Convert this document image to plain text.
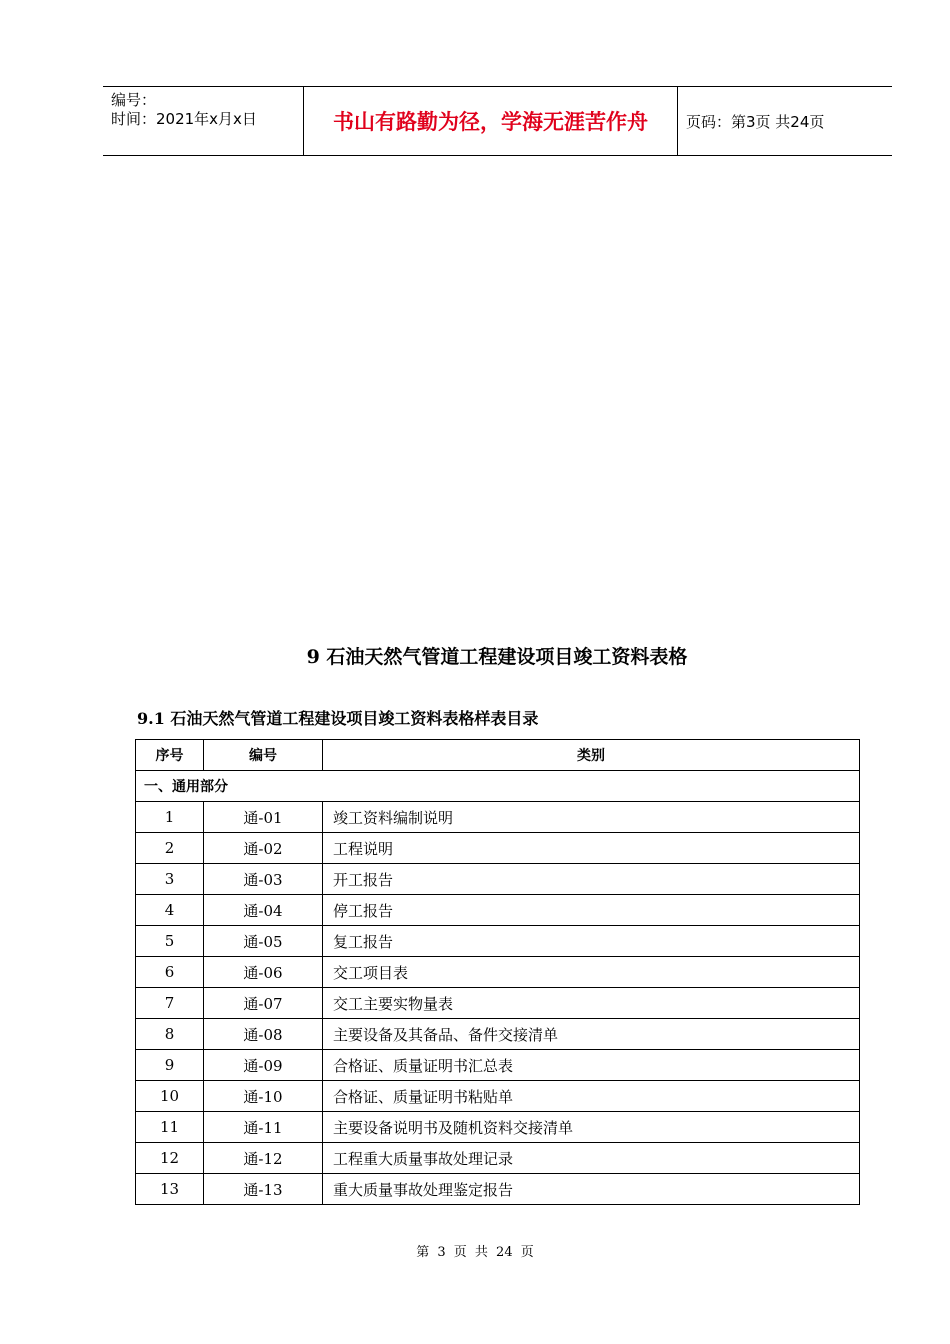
编号：
时间：2021年x月x日	书山有路勤为径，学海无涯苦作舟	页码：第3页 共24页
9 石油天然气管道工程建设项目竣工资料表格
9.1 石油天然气管道工程建设项目竣工资料表格样表目录
序号	编号	类别
一、通用部分		
1	通-01	竣工资料编制说明
2	通-02	工程说明
3	通-03	开工报告
4	通-04	停工报告
5	通-05	复工报告
6	通-06	交工项目表
7	通-07	交工主要实物量表
8	通-08	主要设备及其备品、备件交接清单
9	通-09	合格证、质量证明书汇总表
10	通-10	合格证、质量证明书粘贴单
11	通-11	主要设备说明书及随机资料交接清单
12	通-12	工程重大质量事故处理记录
13	通-13	重大质量事故处理鉴定报告
第 3 页 共 24 页
